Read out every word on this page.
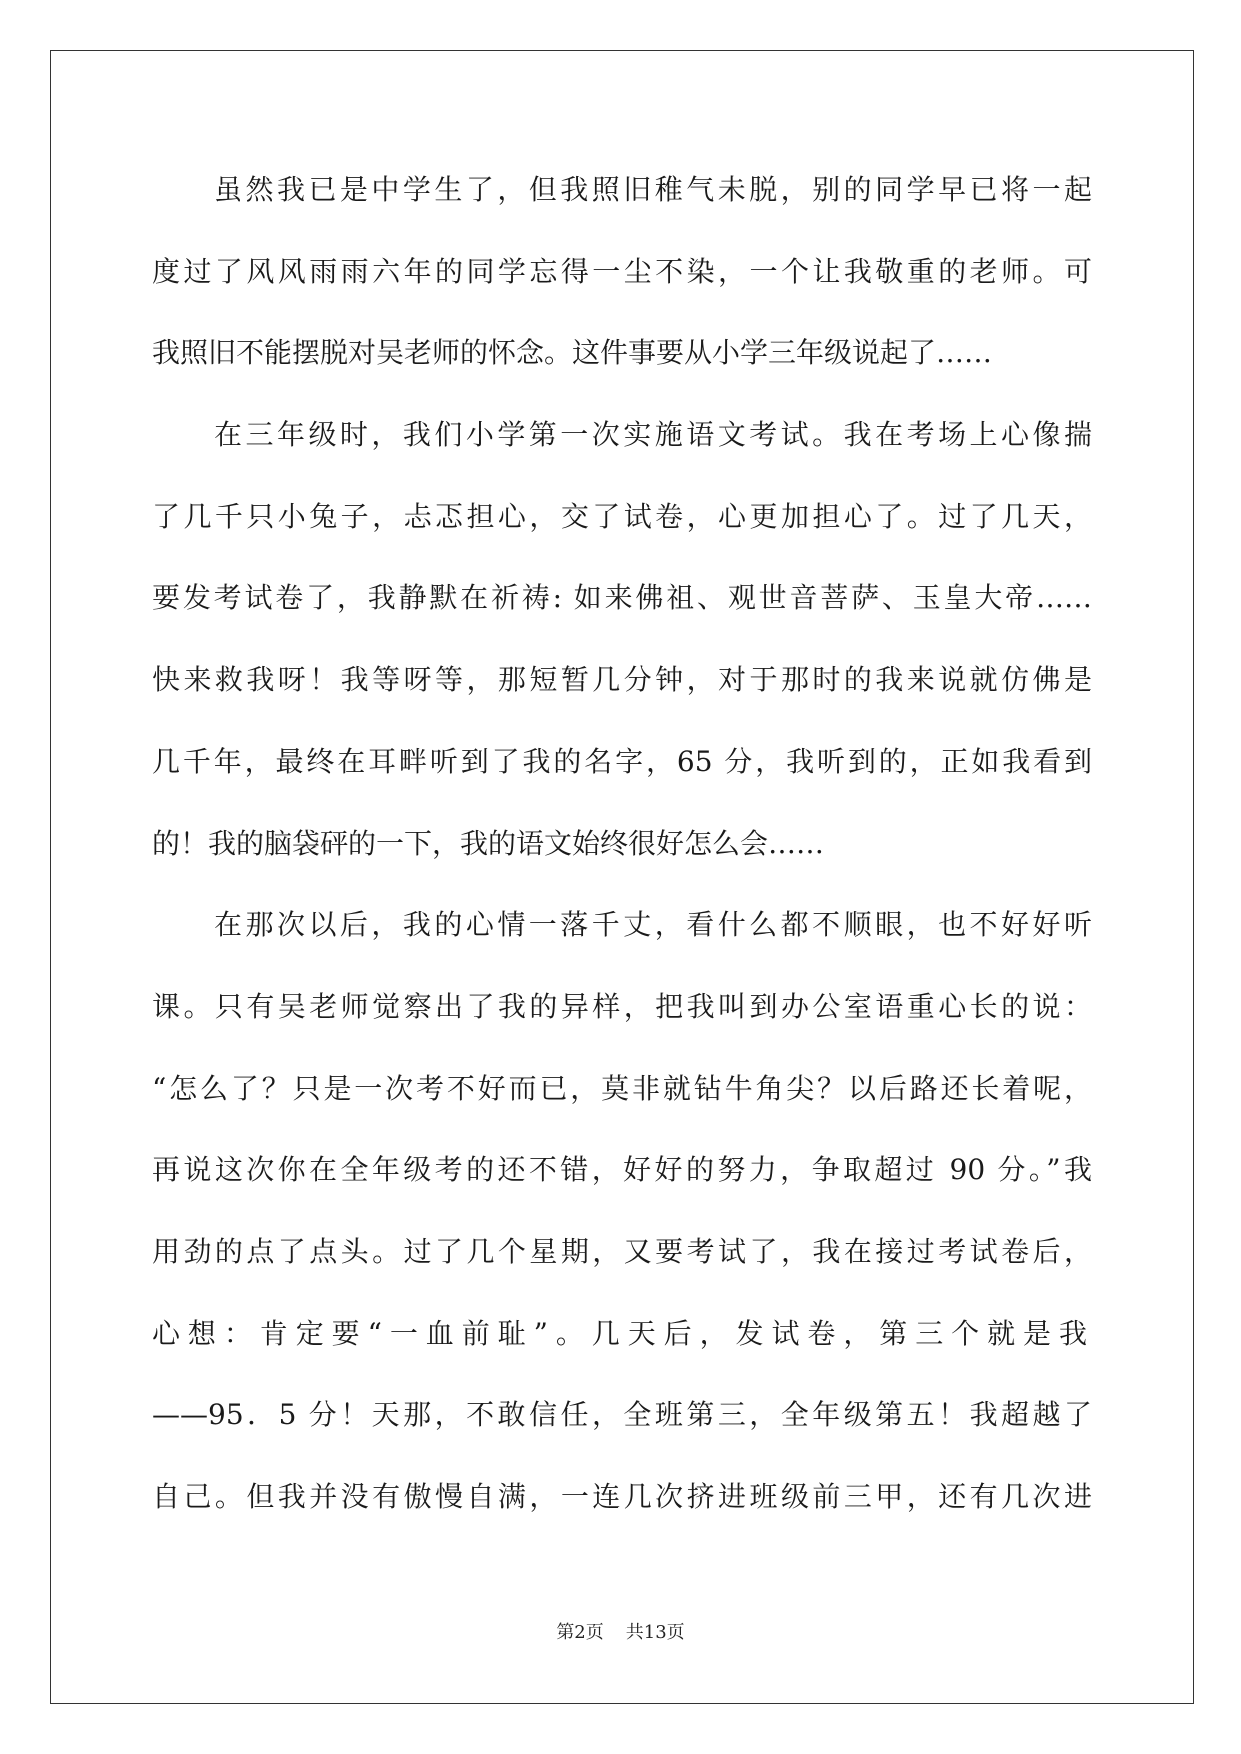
虽然我已是中学生了，但我照旧稚气未脱，别的同学早已将一起
度过了风风雨雨六年的同学忘得一尘不染，一个让我敬重的老师。可
我照旧不能摆脱对吴老师的怀念。这件事要从小学三年级说起了……
在三年级时，我们小学第一次实施语文考试。我在考场上心像揣
了几千只小兔子，忐忑担心，交了试卷，心更加担心了。过了几天，
要发考试卷了，我静默在祈祷: 如来佛祖、观世音菩萨、玉皇大帝……
快来救我呀！我等呀等，那短暂几分钟，对于那时的我来说就仿佛是
几千年，最终在耳畔听到了我的名字，65 分，我听到的，正如我看到
的！我的脑袋砰的一下，我的语文始终很好怎么会……
在那次以后，我的心情一落千丈，看什么都不顺眼，也不好好听
课。只有吴老师觉察出了我的异样，把我叫到办公室语重心长的说：
“怎么了？只是一次考不好而已，莫非就钻牛角尖？以后路还长着呢，
再说这次你在全年级考的还不错，好好的努力，争取超过 90 分。”我
用劲的点了点头。过了几个星期，又要考试了，我在接过考试卷后，
心想：肯定要“一血前耻”。几天后，发试卷，第三个就是我
——95．5 分！天那，不敢信任，全班第三，全年级第五！我超越了
自己。但我并没有傲慢自满，一连几次挤进班级前三甲，还有几次进
第2页 共13页
